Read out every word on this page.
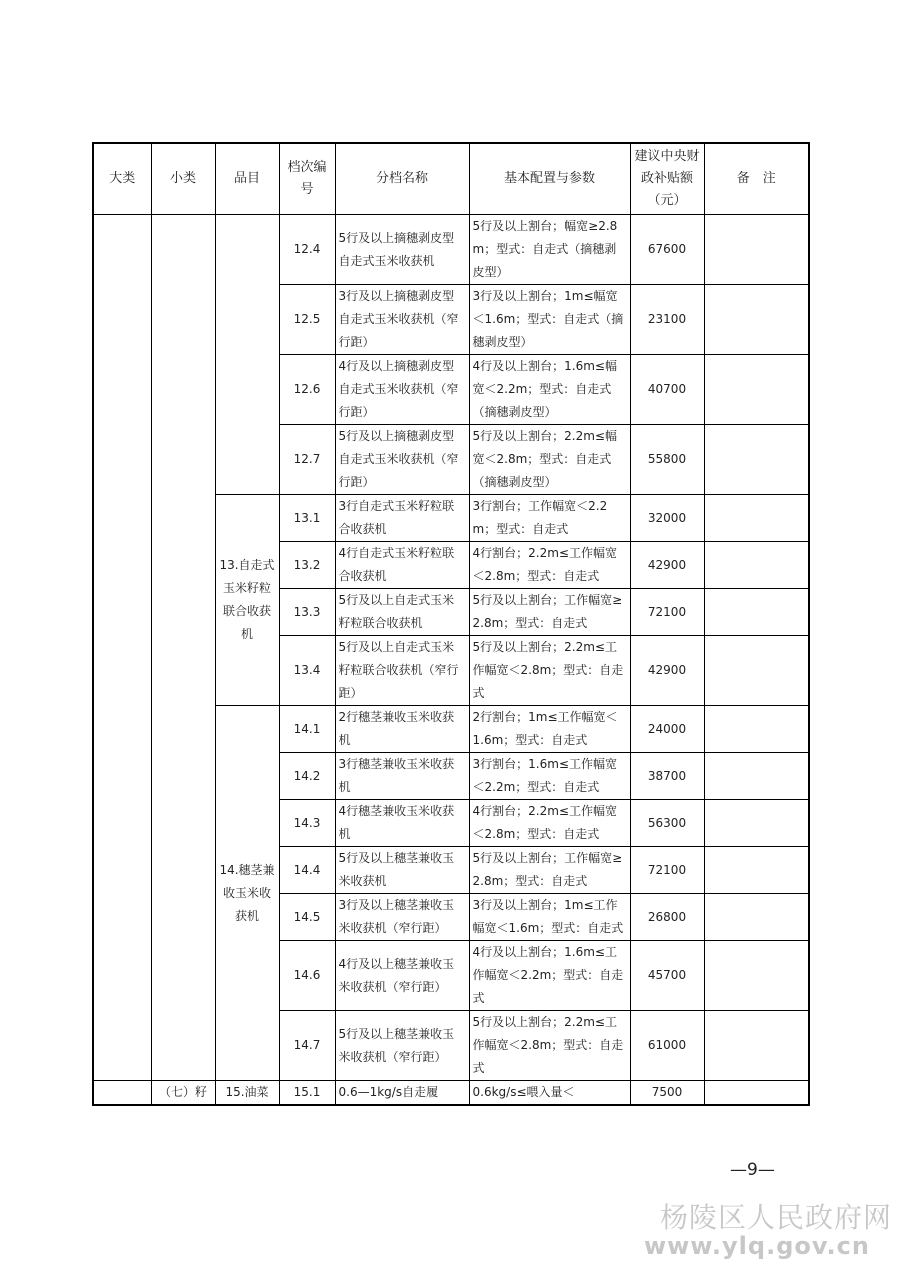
大类	小类	品目	档次编号	分档名称	基本配置与参数	建议中央财政补贴额（元）	备　注
			12.4	5行及以上摘穗剥皮型自走式玉米收获机	5行及以上割台；幅宽≥2.8m；型式：自走式（摘穗剥皮型）	67600	
			12.5	3行及以上摘穗剥皮型自走式玉米收获机（窄行距）	3行及以上割台；1m≤幅宽＜1.6m；型式：自走式（摘穗剥皮型）	23100	
			12.6	4行及以上摘穗剥皮型自走式玉米收获机（窄行距）	4行及以上割台；1.6m≤幅宽＜2.2m；型式：自走式（摘穗剥皮型）	40700	
			12.7	5行及以上摘穗剥皮型自走式玉米收获机（窄行距）	5行及以上割台；2.2m≤幅宽＜2.8m；型式：自走式（摘穗剥皮型）	55800	
		13.自走式玉米籽粒联合收获机	13.1	3行自走式玉米籽粒联合收获机	3行割台；工作幅宽＜2.2m；型式：自走式	32000	
			13.2	4行自走式玉米籽粒联合收获机	4行割台；2.2m≤工作幅宽＜2.8m；型式：自走式	42900	
			13.3	5行及以上自走式玉米籽粒联合收获机	5行及以上割台；工作幅宽≥2.8m；型式：自走式	72100	
			13.4	5行及以上自走式玉米籽粒联合收获机（窄行距）	5行及以上割台；2.2m≤工作幅宽＜2.8m；型式：自走式	42900	
		14.穗茎兼收玉米收获机	14.1	2行穗茎兼收玉米收获机	2行割台；1m≤工作幅宽＜1.6m；型式：自走式	24000	
			14.2	3行穗茎兼收玉米收获机	3行割台；1.6m≤工作幅宽＜2.2m；型式：自走式	38700	
			14.3	4行穗茎兼收玉米收获机	4行割台；2.2m≤工作幅宽＜2.8m；型式：自走式	56300	
			14.4	5行及以上穗茎兼收玉米收获机	5行及以上割台；工作幅宽≥2.8m；型式：自走式	72100	
			14.5	3行及以上穗茎兼收玉米收获机（窄行距）	3行及以上割台；1m≤工作幅宽＜1.6m；型式：自走式	26800	
			14.6	4行及以上穗茎兼收玉米收获机（窄行距）	4行及以上割台；1.6m≤工作幅宽＜2.2m；型式：自走式	45700	
			14.7	5行及以上穗茎兼收玉米收获机（窄行距）	5行及以上割台；2.2m≤工作幅宽＜2.8m；型式：自走式	61000	
	（七）籽	15.油菜	15.1	0.6—1kg/s自走履	0.6kg/s≤喂入量＜	7500	
—9—
杨陵区人民政府网
www.ylq.gov.cn
